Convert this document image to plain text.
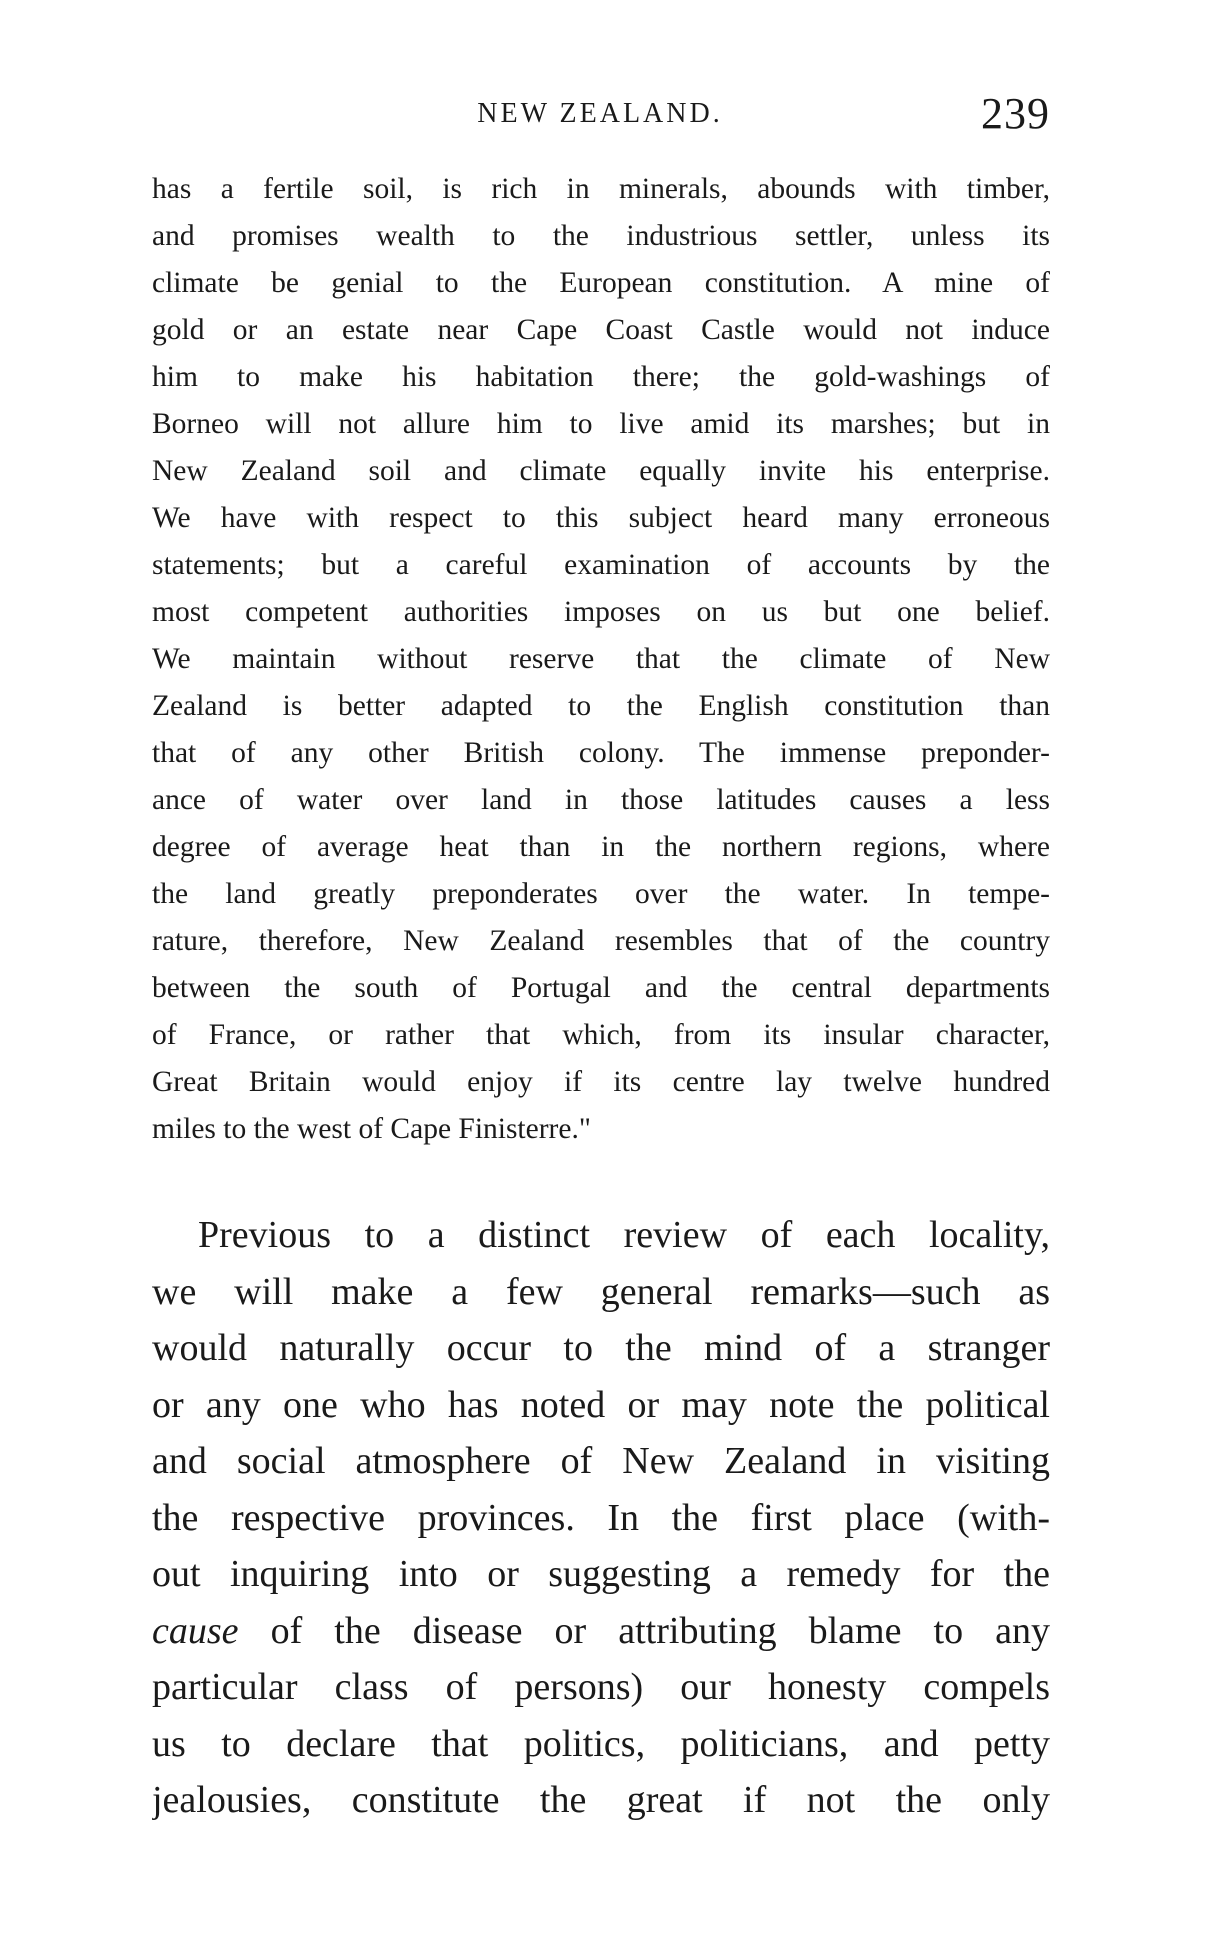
NEW ZEALAND.	239
has a fertile soil, is rich in minerals, abounds with timber,
and promises wealth to the industrious settler, unless its
climate be genial to the European constitution. A mine of
gold or an estate near Cape Coast Castle would not induce
him to make his habitation there; the gold-washings of
Borneo will not allure him to live amid its marshes; but in
New Zealand soil and climate equally invite his enterprise.
We have with respect to this subject heard many erroneous
statements; but a careful examination of accounts by the
most competent authorities imposes on us but one belief.
We maintain without reserve that the climate of New
Zealand is better adapted to the English constitution than
that of any other British colony. The immense preponder-
ance of water over land in those latitudes causes a less
degree of average heat than in the northern regions, where
the land greatly preponderates over the water. In tempe-
rature, therefore, New Zealand resembles that of the country
between the south of Portugal and the central departments
of France, or rather that which, from its insular character,
Great Britain would enjoy if its centre lay twelve hundred
miles to the west of Cape Finisterre."
Previous to a distinct review of each locality,
we will make a few general remarks—such as
would naturally occur to the mind of a stranger
or any one who has noted or may note the political
and social atmosphere of New Zealand in visiting
the respective provinces. In the first place (with-
out inquiring into or suggesting a remedy for the
cause of the disease or attributing blame to any
particular class of persons) our honesty compels
us to declare that politics, politicians, and petty
jealousies, constitute the great if not the only
